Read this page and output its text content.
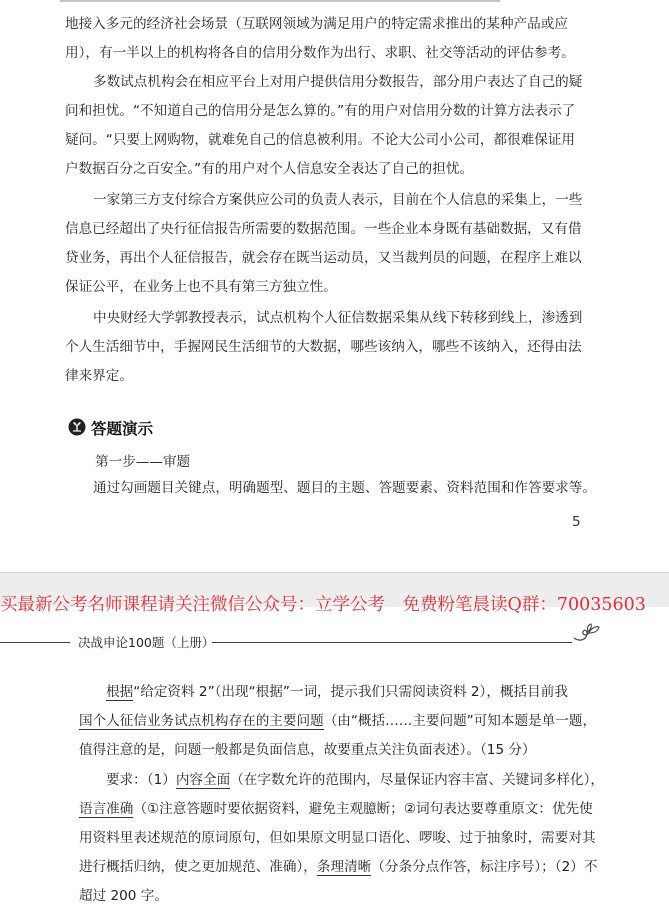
地接入多元的经济社会场景（互联网领域为满足用户的特定需求推出的某种产品或应
用），有一半以上的机构将各自的信用分数作为出行、求职、社交等活动的评估参考。
多数试点机构会在相应平台上对用户提供信用分数报告，部分用户表达了自己的疑
问和担忧。“不知道自己的信用分是怎么算的。”有的用户对信用分数的计算方法表示了
疑问。“只要上网购物，就难免自己的信息被利用。不论大公司小公司，都很难保证用
户数据百分之百安全。”有的用户对个人信息安全表达了自己的担忧。
一家第三方支付综合方案供应公司的负责人表示，目前在个人信息的采集上，一些
信息已经超出了央行征信报告所需要的数据范围。一些企业本身既有基础数据，又有借
贷业务，再出个人征信报告，就会存在既当运动员，又当裁判员的问题，在程序上难以
保证公平，在业务上也不具有第三方独立性。
中央财经大学郭教授表示，试点机构个人征信数据采集从线下转移到线上，渗透到
个人生活细节中，手握网民生活细节的大数据，哪些该纳入，哪些不该纳入，还得由法
律来界定。
答题演示
第一步——审题
通过勾画题目关键点，明确题型、题目的主题、答题要素、资料范围和作答要求等。
5
买最新公考名师课程请关注微信公众号：立学公考　免费粉笔晨读Q群：70035603
决战申论100题（上册）
根据“给定资料 2”（出现“根据”一词，提示我们只需阅读资料 2），概括目前我
国个人征信业务试点机构存在的主要问题（由“概括……主要问题”可知本题是单一题，
值得注意的是，问题一般都是负面信息，故要重点关注负面表述）。（15 分）
要求：（1）内容全面（在字数允许的范围内，尽量保证内容丰富、关键词多样化），
语言准确（①注意答题时要依据资料，避免主观臆断；②词句表达要尊重原文：优先使
用资料里表述规范的原词原句，但如果原文明显口语化、啰唆、过于抽象时，需要对其
进行概括归纳，使之更加规范、准确），条理清晰（分条分点作答，标注序号）；（2）不
超过 200 字。
